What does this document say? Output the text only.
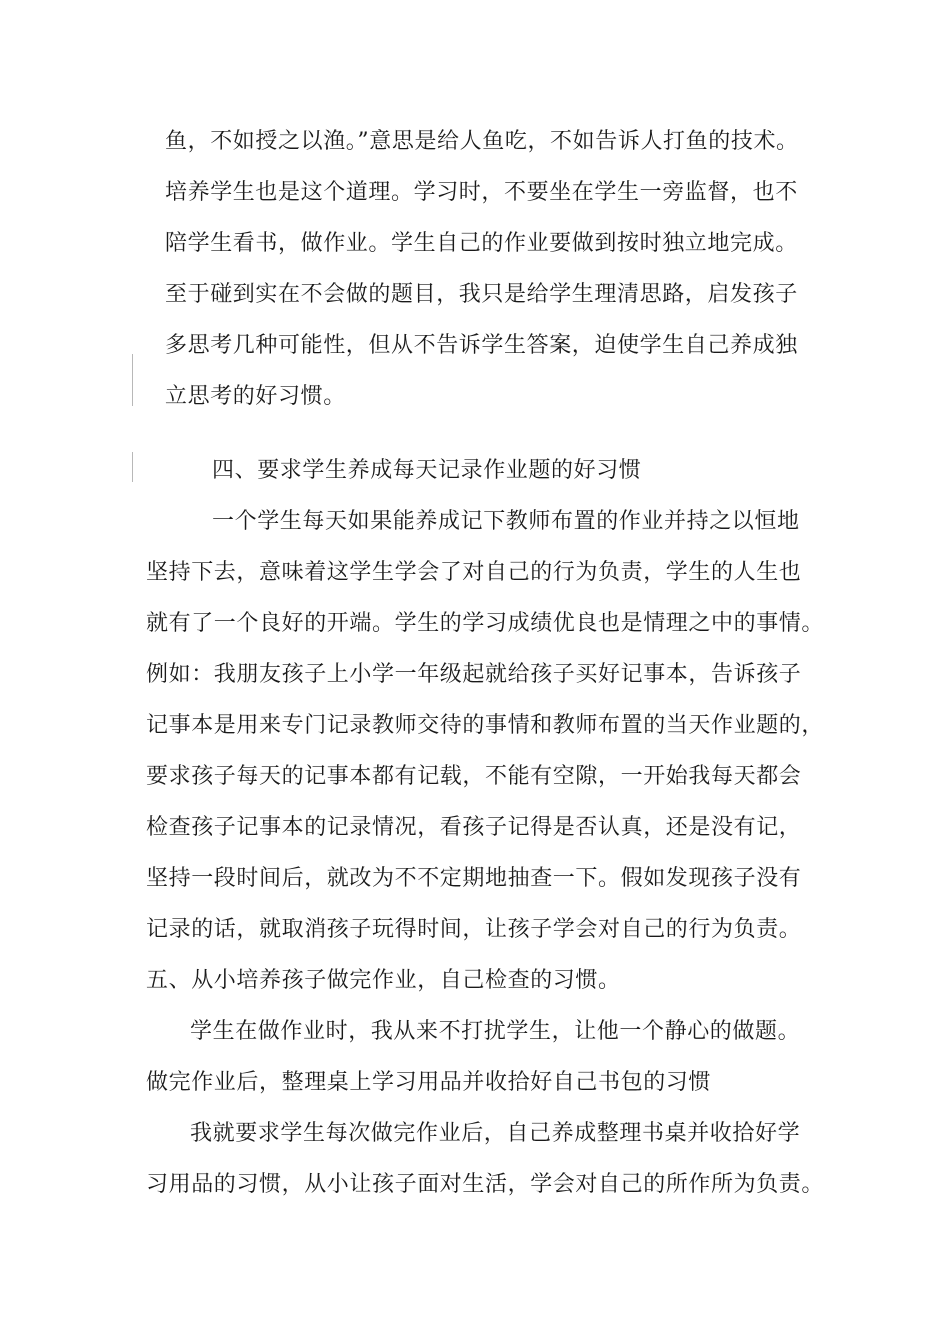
鱼，不如授之以渔。”意思是给人鱼吃，不如告诉人打鱼的技术。
培养学生也是这个道理。学习时，不要坐在学生一旁监督，也不
陪学生看书，做作业。学生自己的作业要做到按时独立地完成。
至于碰到实在不会做的题目，我只是给学生理清思路，启发孩子
多思考几种可能性，但从不告诉学生答案，迫使学生自己养成独
立思考的好习惯。
四、要求学生养成每天记录作业题的好习惯
一个学生每天如果能养成记下教师布置的作业并持之以恒地
坚持下去，意味着这学生学会了对自己的行为负责，学生的人生也
就有了一个良好的开端。学生的学习成绩优良也是情理之中的事情。
例如：我朋友孩子上小学一年级起就给孩子买好记事本，告诉孩子
记事本是用来专门记录教师交待的事情和教师布置的当天作业题的，
要求孩子每天的记事本都有记载，不能有空隙，一开始我每天都会
检查孩子记事本的记录情况，看孩子记得是否认真，还是没有记，
坚持一段时间后，就改为不不定期地抽查一下。假如发现孩子没有
记录的话，就取消孩子玩得时间，让孩子学会对自己的行为负责。
五、从小培养孩子做完作业，自己检查的习惯。
学生在做作业时，我从来不打扰学生，让他一个静心的做题。
做完作业后，整理桌上学习用品并收拾好自己书包的习惯
我就要求学生每次做完作业后，自己养成整理书桌并收拾好学
习用品的习惯，从小让孩子面对生活，学会对自己的所作所为负责。
